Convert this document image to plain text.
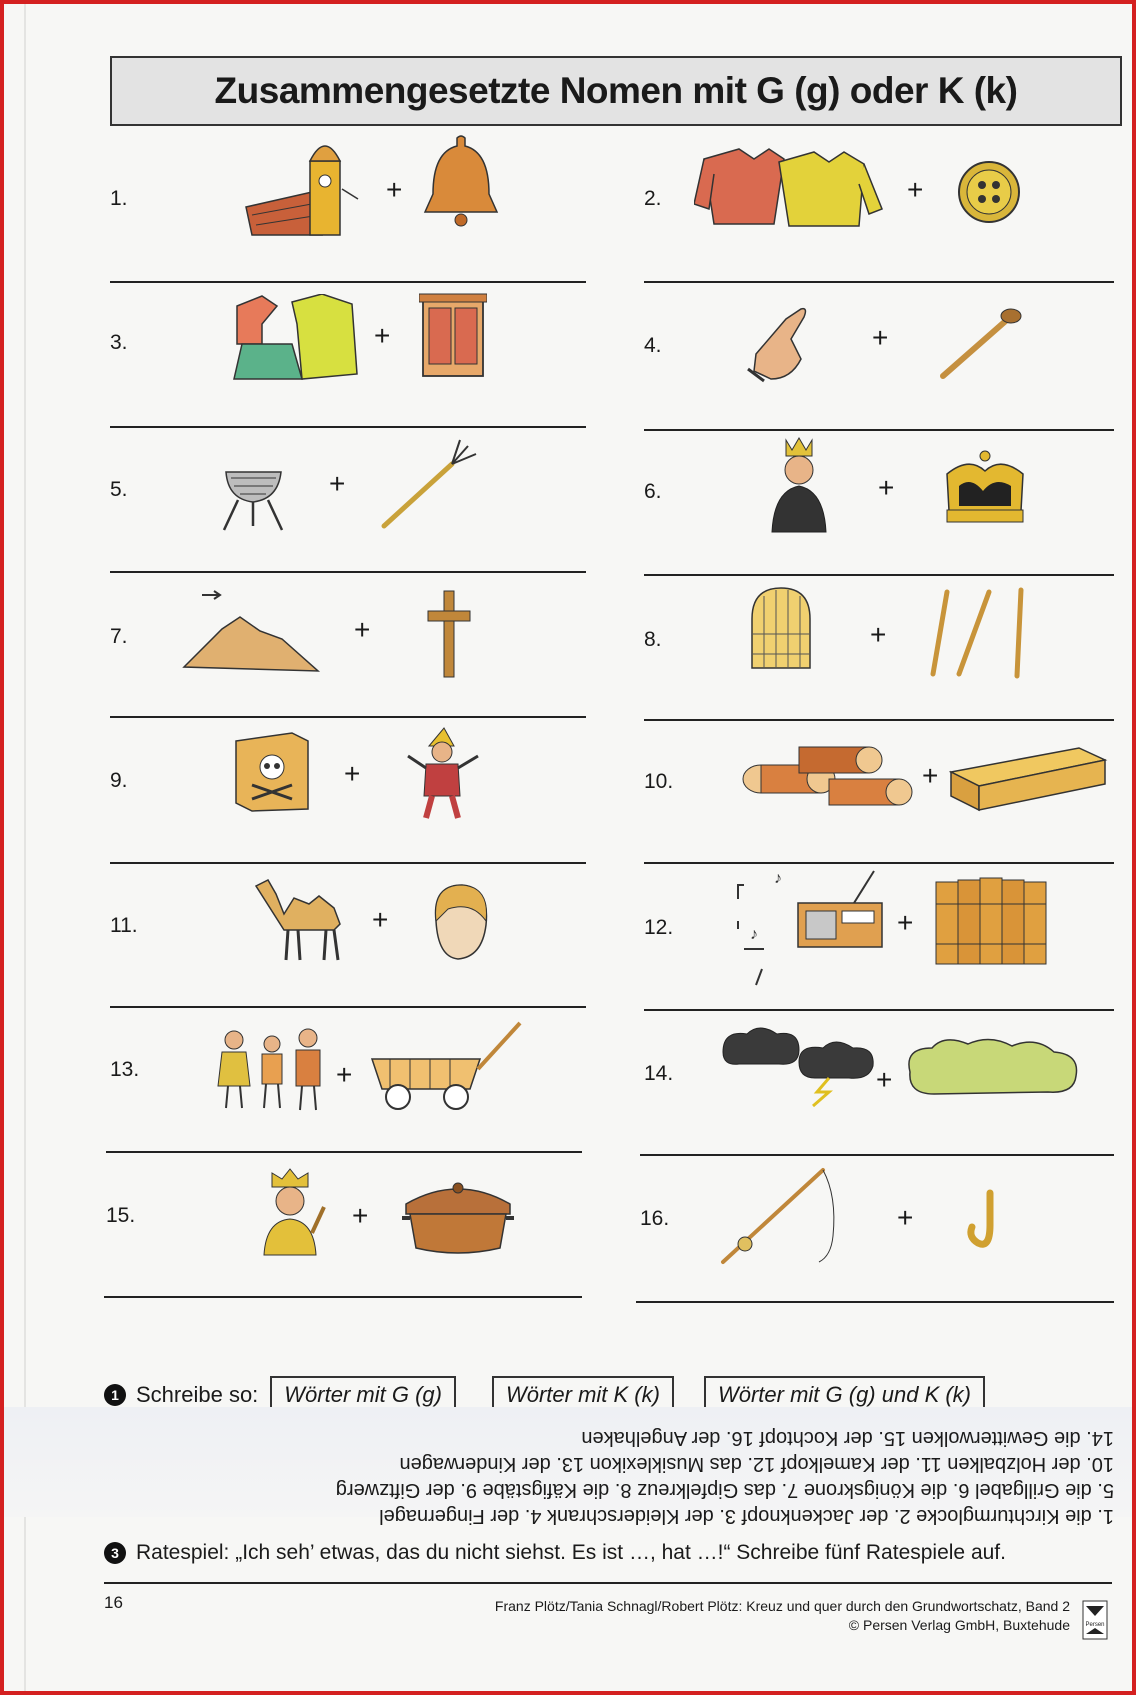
Zusammengesetzte Nomen mit G (g) oder K (k)
1.	+	2.	+
3.	+	4.	+
5.	+	6.	+
7.	+	8.	+
9.	+	10.	+
11.	+	12.
♪
♪	+
13.	+	14.	+
15.	+	16.	+
1 Schreibe so:	Wörter mit G (g)	Wörter mit K (k)	Wörter mit G (g) und K (k)
1. die Kirchturmglocke 2. der Jackenknopf 3. der Kleiderschrank 4. der Fingernagel
5. die Grillgabel 6. die Königskrone 7. das Gipfelkreuz 8. die Käfigstäbe 9. der Giftzwerg
10. der Holzbalken 11. der Kamelkopf 12. das Musiklexikon 13. der Kinderwagen
14. die Gewitterwolken 15. der Kochtopf 16. der Angelhaken
3 Ratespiel: „Ich seh’ etwas, das du nicht siehst. Es ist …, hat …!“ Schreibe fünf Ratespiele auf.
16	Franz Plötz/Tania Schnagl/Robert Plötz: Kreuz und quer durch den Grundwortschatz, Band 2
© Persen Verlag GmbH, Buxtehude	Persen
